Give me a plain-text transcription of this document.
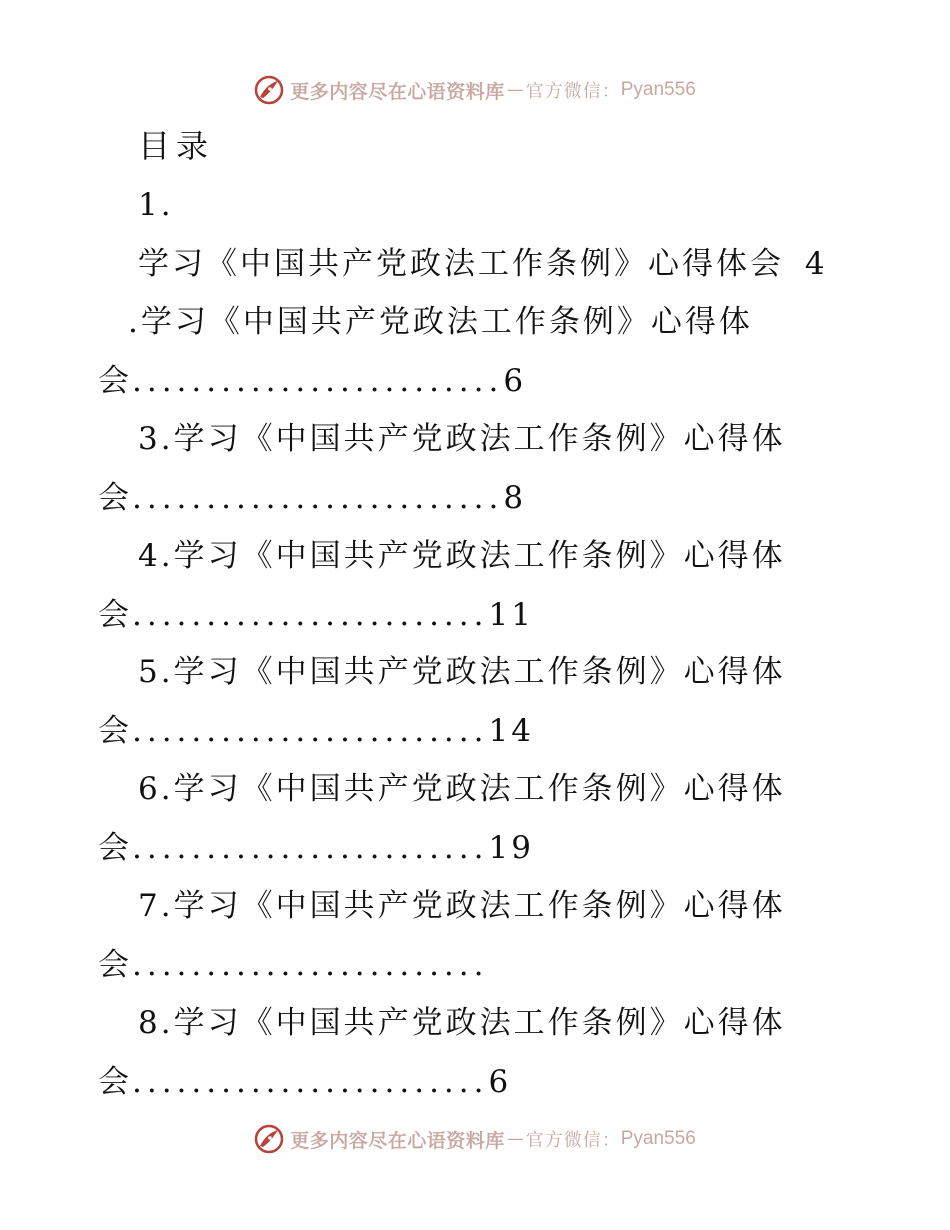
更多内容尽在心语资料库 — 官方微信： Pyan556
目录
1.
学习《中国共产党政法工作条例》心得体会 4
.学习《中国共产党政法工作条例》心得体
会.........................6
3.学习《中国共产党政法工作条例》心得体
会.........................8
4.学习《中国共产党政法工作条例》心得体
会........................11
5.学习《中国共产党政法工作条例》心得体
会........................14
6.学习《中国共产党政法工作条例》心得体
会........................19
7.学习《中国共产党政法工作条例》心得体
会........................
8.学习《中国共产党政法工作条例》心得体
会........................6
更多内容尽在心语资料库 — 官方微信： Pyan556
